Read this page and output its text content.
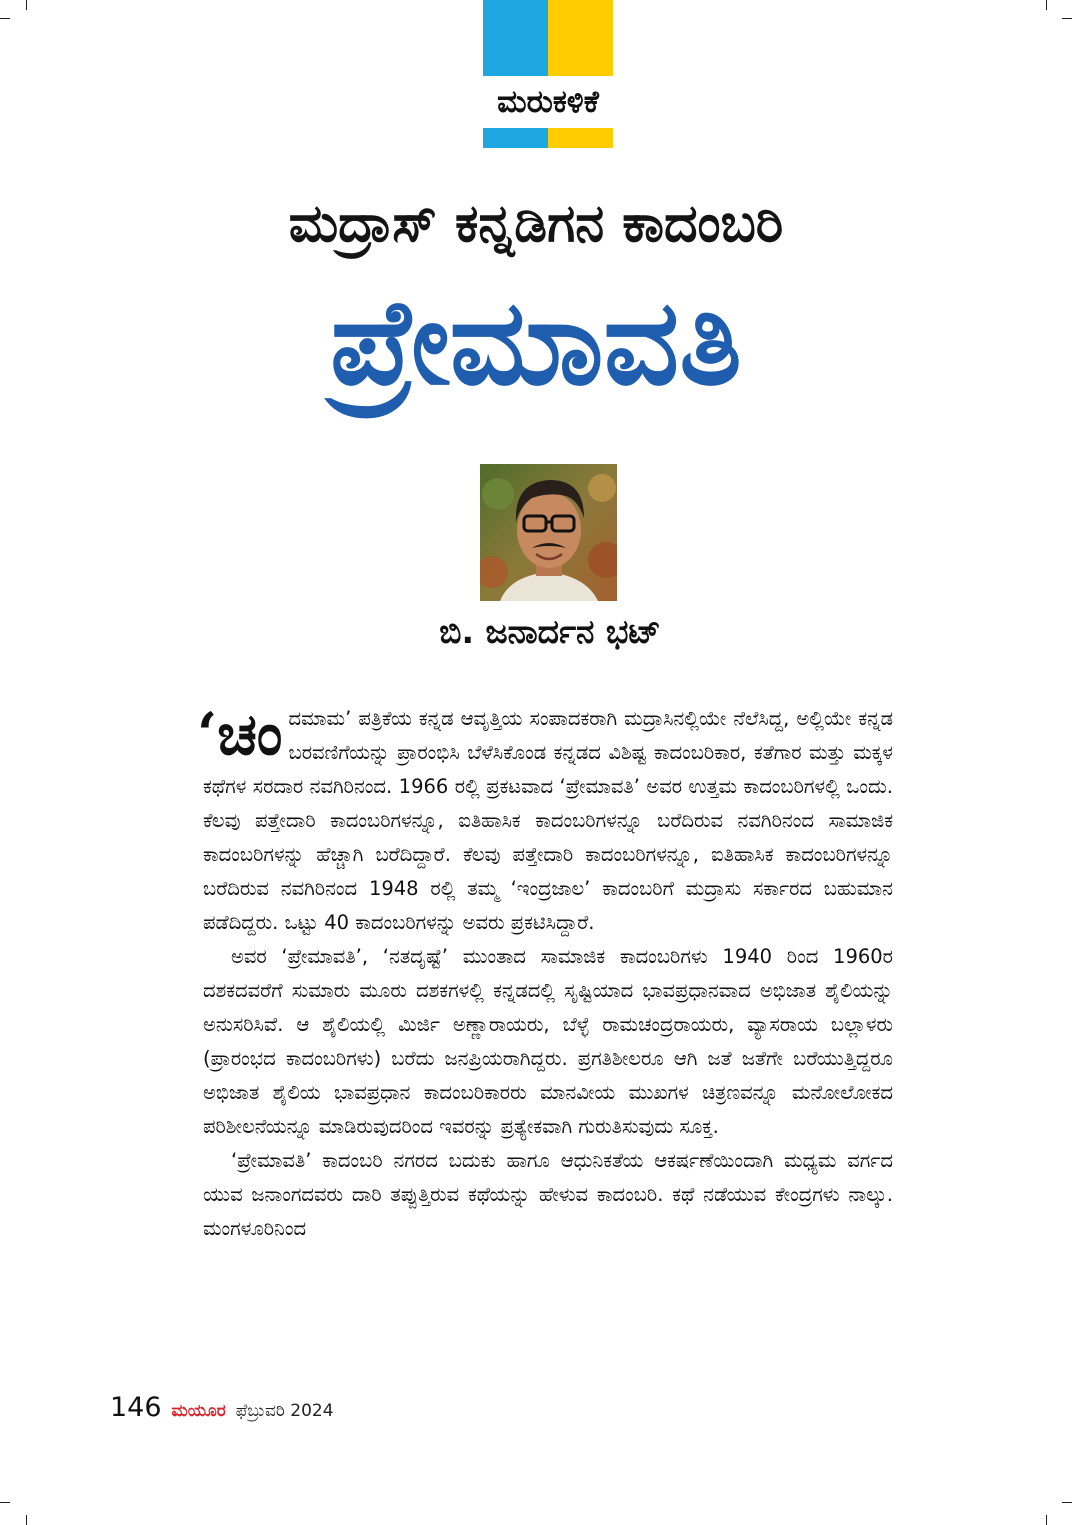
ಮರುಕಳಿಕೆ
ಮದ್ರಾಸ್ ಕನ್ನಡಿಗನ ಕಾದಂಬರಿ
ಪ್ರೇಮಾವತಿ
ಬಿ. ಜನಾರ್ದನ ಭಟ್

‘ಚಂದಮಾಮ’ ಪತ್ರಿಕೆಯ ಕನ್ನಡ ಆವೃತ್ತಿಯ ಸಂಪಾದಕರಾಗಿ ಮದ್ರಾಸಿನಲ್ಲಿಯೇ ನೆಲೆಸಿದ್ದ, ಅಲ್ಲಿಯೇ ಕನ್ನಡ ಬರವಣಿಗೆಯನ್ನು ಪ್ರಾರಂಭಿಸಿ ಬೆಳೆಸಿಕೊಂಡ ಕನ್ನಡದ ವಿಶಿಷ್ಟ ಕಾದಂಬರಿಕಾರ, ಕತೆಗಾರ ಮತ್ತು ಮಕ್ಕಳ ಕಥೆಗಳ ಸರದಾರ ನವಗಿರಿನಂದ. 1966 ರಲ್ಲಿ ಪ್ರಕಟವಾದ ‘ಪ್ರೇಮಾವತಿ’ ಅವರ ಉತ್ತಮ ಕಾದಂಬರಿಗಳಲ್ಲಿ ಒಂದು. ಕೆಲವು ಪತ್ತೇದಾರಿ ಕಾದಂಬರಿಗಳನ್ನೂ, ಐತಿಹಾಸಿಕ ಕಾದಂಬರಿಗಳನ್ನೂ ಬರೆದಿರುವ ನವಗಿರಿನಂದ ಸಾಮಾಜಿಕ ಕಾದಂಬರಿಗಳನ್ನು ಹೆಚ್ಚಾಗಿ ಬರೆದಿದ್ದಾರೆ. ಕೆಲವು ಪತ್ತೇದಾರಿ ಕಾದಂಬರಿಗಳನ್ನೂ, ಐತಿಹಾಸಿಕ ಕಾದಂಬರಿಗಳನ್ನೂ ಬರೆದಿರುವ ನವಗಿರಿನಂದ 1948 ರಲ್ಲಿ ತಮ್ಮ ‘ಇಂದ್ರಜಾಲ’ ಕಾದಂಬರಿಗೆ ಮದ್ರಾಸು ಸರ್ಕಾರದ ಬಹುಮಾನ ಪಡೆದಿದ್ದರು. ಒಟ್ಟು 40 ಕಾದಂಬರಿಗಳನ್ನು ಅವರು ಪ್ರಕಟಿಸಿದ್ದಾರೆ.

ಅವರ ‘ಪ್ರೇಮಾವತಿ’, ‘ನತದೃಷ್ಟೆ’ ಮುಂತಾದ ಸಾಮಾಜಿಕ ಕಾದಂಬರಿಗಳು 1940 ರಿಂದ 1960ರ ದಶಕದವರೆಗೆ ಸುಮಾರು ಮೂರು ದಶಕಗಳಲ್ಲಿ ಕನ್ನಡದಲ್ಲಿ ಸೃಷ್ಟಿಯಾದ ಭಾವಪ್ರಧಾನವಾದ ಅಭಿಜಾತ ಶೈಲಿಯನ್ನು ಅನುಸರಿಸಿವೆ. ಆ ಶೈಲಿಯಲ್ಲಿ ಮಿರ್ಜಿ ಅಣ್ಣಾರಾಯರು, ಬೆಳ್ಳೆ ರಾಮಚಂದ್ರರಾಯರು, ವ್ಯಾಸರಾಯ ಬಲ್ಲಾಳರು (ಪ್ರಾರಂಭದ ಕಾದಂಬರಿಗಳು) ಬರೆದು ಜನಪ್ರಿಯರಾಗಿದ್ದರು. ಪ್ರಗತಿಶೀಲರೂ ಆಗಿ ಜತೆ ಜತೆಗೇ ಬರೆಯುತ್ತಿದ್ದರೂ ಅಭಿಜಾತ ಶೈಲಿಯ ಭಾವಪ್ರಧಾನ ಕಾದಂಬರಿಕಾರರು ಮಾನವೀಯ ಮುಖಗಳ ಚಿತ್ರಣವನ್ನೂ ಮನೋಲೋಕದ ಪರಿಶೀಲನೆಯನ್ನೂ ಮಾಡಿರುವುದರಿಂದ ಇವರನ್ನು ಪ್ರತ್ಯೇಕವಾಗಿ ಗುರುತಿಸುವುದು ಸೂಕ್ತ.

‘ಪ್ರೇಮಾವತಿ’ ಕಾದಂಬರಿ ನಗರದ ಬದುಕು ಹಾಗೂ ಆಧುನಿಕತೆಯ ಆಕರ್ಷಣೆಯಿಂದಾಗಿ ಮಧ್ಯಮ ವರ್ಗದ ಯುವ ಜನಾಂಗದವರು ದಾರಿ ತಪ್ಪುತ್ತಿರುವ ಕಥೆಯನ್ನು ಹೇಳುವ ಕಾದಂಬರಿ. ಕಥೆ ನಡೆಯುವ ಕೇಂದ್ರಗಳು ನಾಲ್ಕು. ಮಂಗಳೂರಿನಿಂದ

146 ಮಯೂರ ಫೆಬ್ರುವರಿ 2024
